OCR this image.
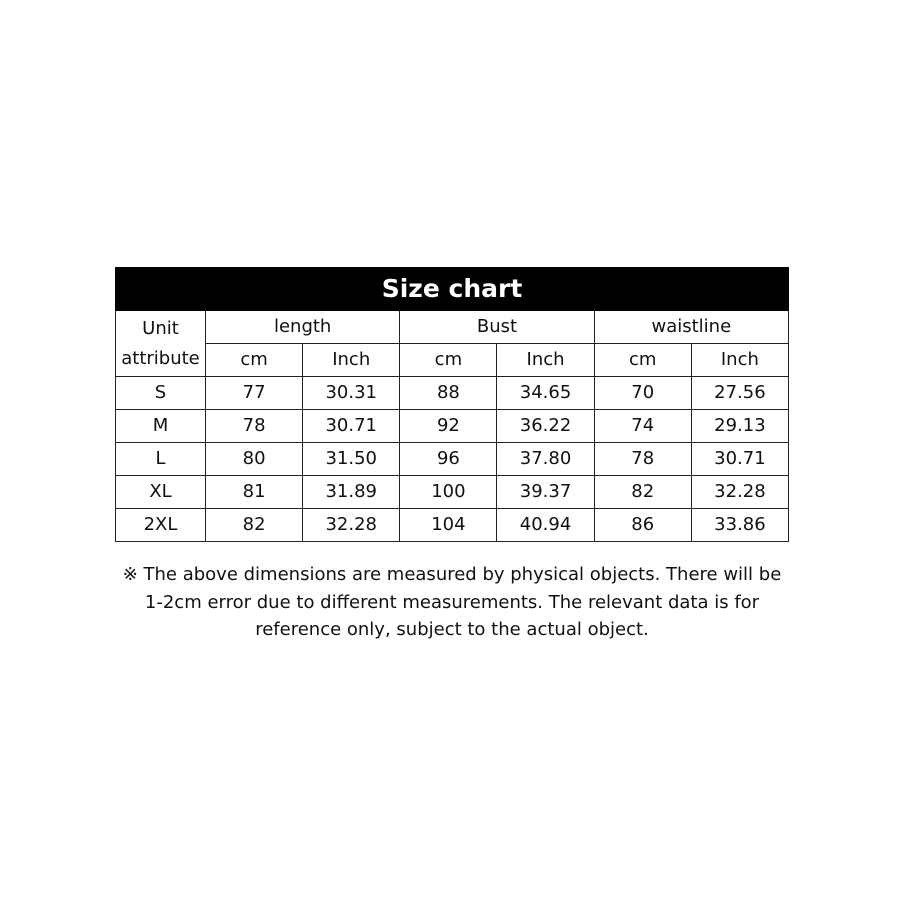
Size chart						

Unit
attribute	length		Bust		waistline	
	cm	Inch	cm	Inch	cm	Inch
S	77	30.31	88	34.65	70	27.56
M	78	30.71	92	36.22	74	29.13
L	80	31.50	96	37.80	78	30.71
XL	81	31.89	100	39.37	82	32.28
2XL	82	32.28	104	40.94	86	33.86
※ The above dimensions are measured by physical objects. There will be
1-2cm error due to different measurements. The relevant data is for
reference only, subject to the actual object.
